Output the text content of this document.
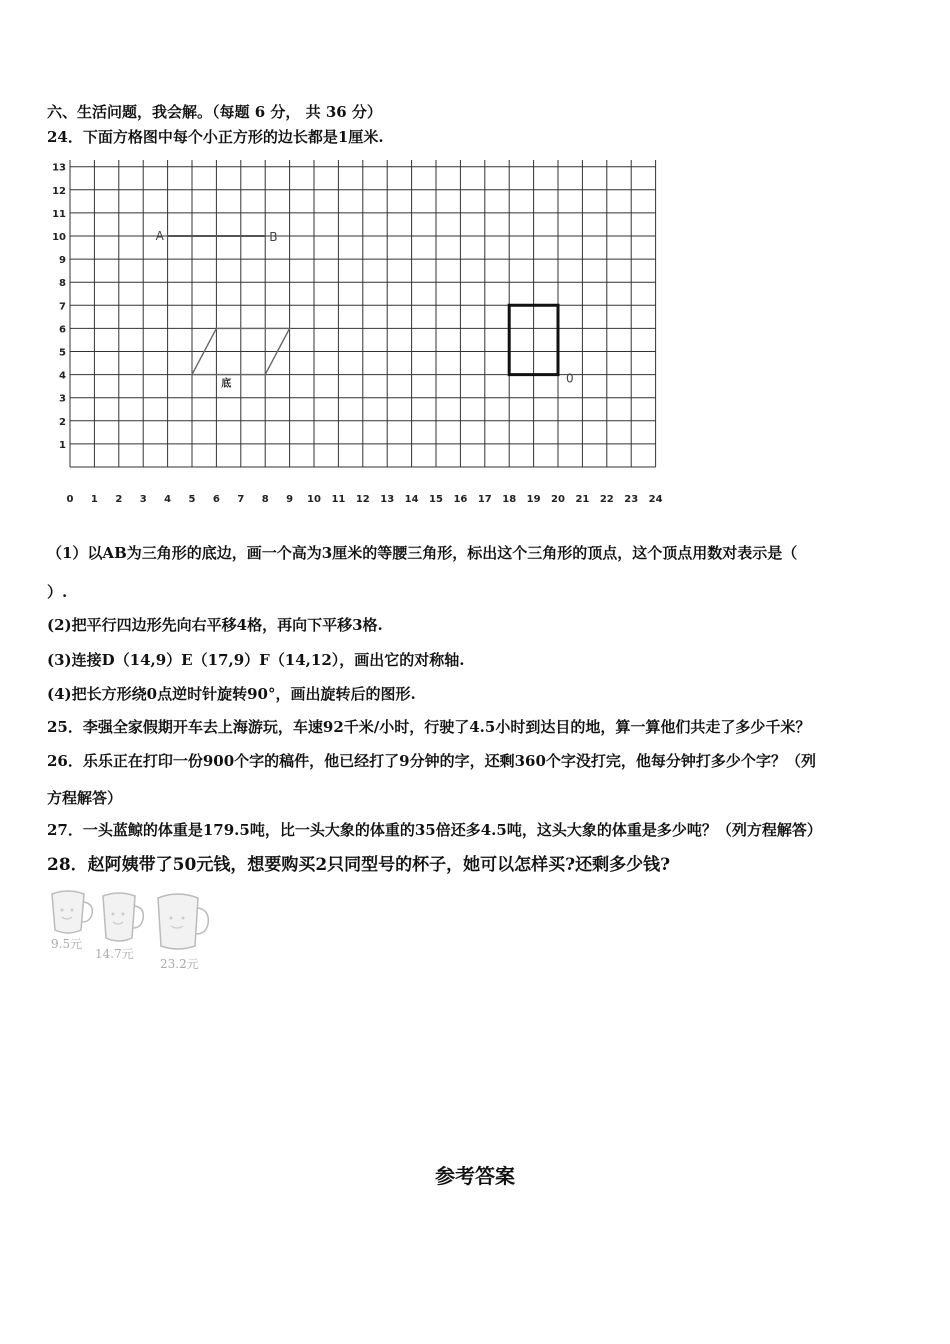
六、生活问题，我会解。（每题 6 分， 共 36 分）
24．下面方格图中每个小正方形的边长都是1厘米.
0 1 2 3 4 5 6 7 8 9 10 11 12 13 14 15 16 17 18 19 20 21 22 23 24
1
2
3
4
5
6
7
8
9
10
11
12
13
A	B
底	0
（1）以AB为三角形的底边，画一个高为3厘米的等腰三角形，标出这个三角形的顶点，这个顶点用数对表示是（
）.
(2)把平行四边形先向右平移4格，再向下平移3格.
(3)连接D（14,9）E（17,9）F（14,12），画出它的对称轴.
(4)把长方形绕0点逆时针旋转90°，画出旋转后的图形.
25．李强全家假期开车去上海游玩，车速92千米/小时，行驶了4.5小时到达目的地，算一算他们共走了多少千米？
26．乐乐正在打印一份900个字的稿件，他已经打了9分钟的字，还剩360个字没打完，他每分钟打多少个字？（列
方程解答）
27．一头蓝鲸的体重是179.5吨，比一头大象的体重的35倍还多4.5吨，这头大象的体重是多少吨？（列方程解答）
28．赵阿姨带了50元钱，想要购买2只同型号的杯子，她可以怎样买?还剩多少钱?
9.5元
14.7元
23.2元
参考答案
